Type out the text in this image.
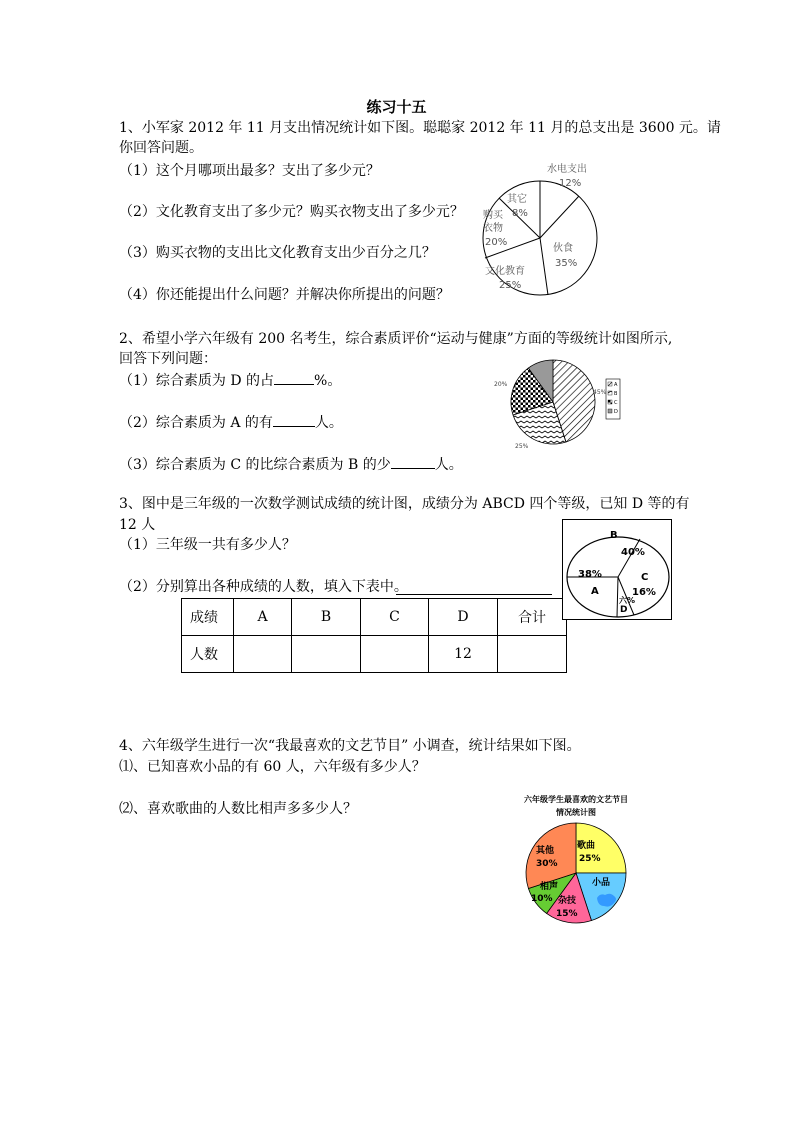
练习十五
1、小军家 2012 年 11 月支出情况统计如下图。聪聪家 2012 年 11 月的总支出是 3600 元。请
你回答问题。
（1）这个月哪项出最多？支出了多少元？
（2）文化教育支出了多少元？购买衣物支出了多少元？
（3）购买衣物的支出比文化教育支出少百分之几？
（4）你还能提出什么问题？并解决你所提出的问题？
水电支出
12%
伙食
35%
文化教育
25%
购买
衣物
20%
其它
8%
2、希望小学六年级有 200 名考生，综合素质评价“运动与健康”方面的等级统计如图所示,
回答下列问题：
（1）综合素质为 D 的占	%。
（2）综合素质为 A 的有	人。
（3）综合素质为 C 的比综合素质为 B 的少	人。
45%
25%
20%	A
B
C
D
3、图中是三年级的一次数学测试成绩的统计图，成绩分为 ABCD 四个等级，已知 D 等的有
12 人
（1）三年级一共有多少人？
（2）分别算出各种成绩的人数，填入下表中。
成绩	A	B	C	D	合计
人数				12	
B
40%
C
16%
38%
A
六%
D
4、六年级学生进行一次“我最喜欢的文艺节目” 小调查，统计结果如下图。
⑴、已知喜欢小品的有 60 人，六年级有多少人？
⑵、喜欢歌曲的人数比相声多多少人？
六年级学生最喜欢的文艺节目
情况统计图
歌曲
25%
小品
杂技
15%
相声
10%
其他
30%
